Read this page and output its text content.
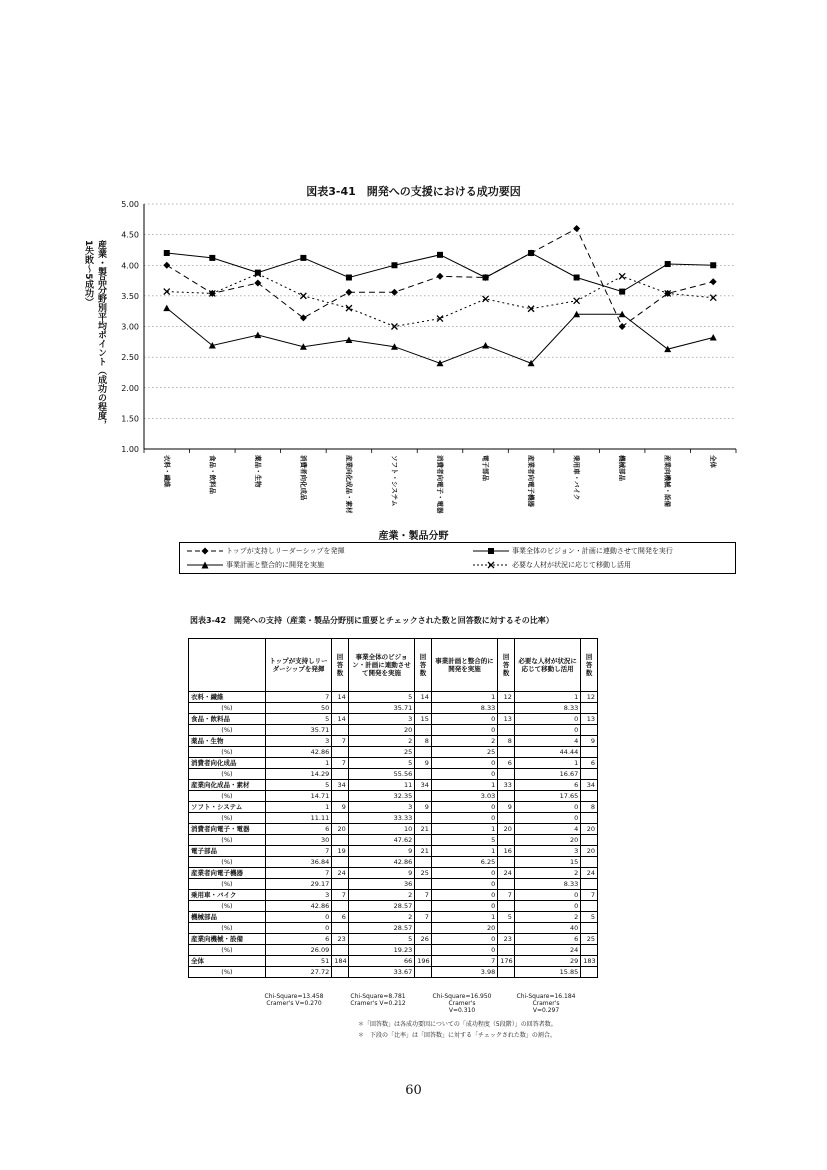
図表3-41　開発への支援における成功要因
5.00
4.50
4.00
3.50
3.00
2.50
2.00
1.50
1.00
衣料・繊維	食品・飲料品	薬品・生物	消費者向化成品	産業向化成品・素材	ソフト・システム	消費者向電子・電器	電子部品	産業者向電子機器	乗用車・バイク	機械部品	産業向機械・設備	全体
産業・製品分野別平均ポイント（成功の程度，1失敗～5成功）
産業・製品分野
トップが支持しリーダーシップを発揮	事業全体のビジョン・計画に連動させて開発を実行
事業計画と整合的に開発を実施	必要な人材が状況に応じて移動し活用
図表3-42　開発への支持（産業・製品分野別に重要とチェックされた数と回答数に対するその比率）
	トップが支持しリーダーシップを発揮	回答数	事業全体のビジョン・計画に連動させて開発を実施	回答数	事業計画と整合的に開発を実施	回答数	必要な人材が状況に応じて移動し活用	回答数
衣料・繊維	7	14	5	14	1	12	1	12
(%)	50		35.71		8.33		8.33	
食品・飲料品	5	14	3	15	0	13	0	13
(%)	35.71		20		0		0	
薬品・生物	3	7	2	8	2	8	4	9
(%)	42.86		25		25		44.44	
消費者向化成品	1	7	5	9	0	6	1	6
(%)	14.29		55.56		0		16.67	
産業向化成品・素材	5	34	11	34	1	33	6	34
(%)	14.71		32.35		3.03		17.65	
ソフト・システム	1	9	3	9	0	9	0	8
(%)	11.11		33.33		0		0	
消費者向電子・電器	6	20	10	21	1	20	4	20
(%)	30		47.62		5		20	
電子部品	7	19	9	21	1	16	3	20
(%)	36.84		42.86		6.25		15	
産業者向電子機器	7	24	9	25	0	24	2	24
(%)	29.17		36		0		8.33	
乗用車・バイク	3	7	2	7	0	7	0	7
(%)	42.86		28.57		0		0	
機械部品	0	6	2	7	1	5	2	5
(%)	0		28.57		20		40	
産業向機械・設備	6	23	5	26	0	23	6	25
(%)	26.09		19.23		0		24	
全体	51	184	66	196	7	176	29	183
(%)	27.72		33.67		3.98		15.85	
Chi-Square=13.458
Cramer's V=0.270
Chi-Square=8.781
Cramer's V=0.212
Chi-Square=16.950
Cramer's
V=0.310
Chi-Square=16.184
Cramer's
V=0.297
＊「回答数」は各成功要因についての「成功程度（5段階）」の回答者数。
＊　下段の「比率」は「回答数」に対する「チェックされた数」の割合。
60
